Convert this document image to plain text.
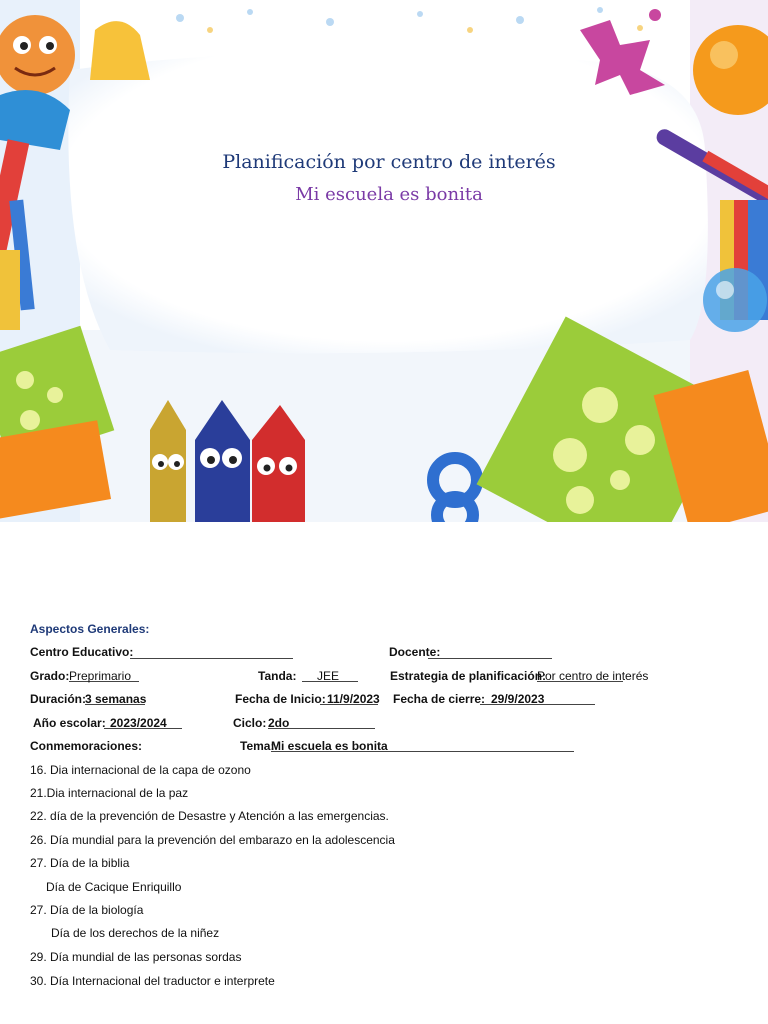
Planificación por centro de interés
Mi escuela es bonita
Aspectos Generales:
Centro Educativo:	Docente:
Grado: Preprimario	Tanda:	JEE	Estrategia de planificación:
Por centro de interés
Duración:
3 semanas	Fecha de Inicio: 11/9/2023 Fecha de cierre: 29/9/2023
Año escolar: 2023/2024	Ciclo: 2do
Conmemoraciones:	Tema:
Mi escuela es bonita
16. Dia internacional de la capa de ozono
21.Dia internacional de la paz
22. día de la prevención de Desastre y Atención a las emergencias.
26. Día mundial para la prevención del embarazo en la adolescencia
27. Día de la biblia
Día de Cacique Enriquillo
27. Día de la biología
Día de los derechos de la niñez
29. Día mundial de las personas sordas
30. Día Internacional del traductor e interprete
